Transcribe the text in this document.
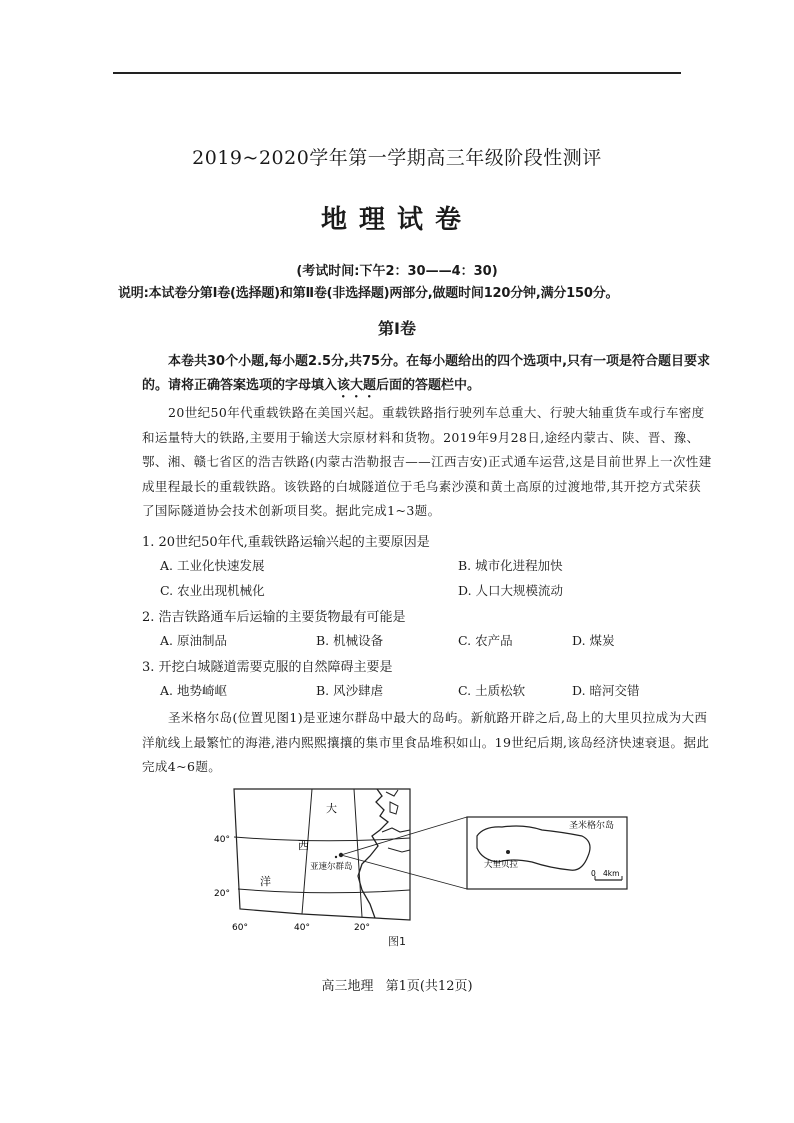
2019~2020学年第一学期高三年级阶段性测评
地理试卷
(考试时间:下午2：30——4：30)
说明:本试卷分第Ⅰ卷(选择题)和第Ⅱ卷(非选择题)两部分,做题时间120分钟,满分150分。
第Ⅰ卷
本卷共30个小题,每小题2.5分,共75分。在每小题给出的四个选项中,只有一项是符合题目要求的。请将正确答案选项的字母填入该大题后面的答题栏中。
20世纪50年代重载铁路在美国兴起。重载铁路指行驶列车总重大、行驶大轴重货车或行车密度和运量特大的铁路,主要用于输送大宗原材料和货物。2019年9月28日,途经内蒙古、陕、晋、豫、鄂、湘、赣七省区的浩吉铁路(内蒙古浩勒报吉——江西吉安)正式通车运营,这是目前世界上一次性建成里程最长的重载铁路。该铁路的白城隧道位于毛乌素沙漠和黄土高原的过渡地带,其开挖方式荣获了国际隧道协会技术创新项目奖。据此完成1~3题。
1. 20世纪50年代,重载铁路运输兴起的主要原因是
A. 工业化快速发展	B. 城市化进程加快
C. 农业出现机械化	D. 人口大规模流动
2. 浩吉铁路通车后运输的主要货物最有可能是
A. 原油制品	B. 机械设备	C. 农产品	D. 煤炭
3. 开挖白城隧道需要克服的自然障碍主要是
A. 地势崎岖	B. 风沙肆虐	C. 土质松软	D. 暗河交错
圣米格尔岛(位置见图1)是亚速尔群岛中最大的岛屿。新航路开辟之后,岛上的大里贝拉成为大西洋航线上最繁忙的海港,港内熙熙攘攘的集市里食品堆积如山。19世纪后期,该岛经济快速衰退。据此完成4~6题。
大
西
洋
亚速尔群岛
40°
20°
60°	40°	20°
圣米格尔岛
大里贝拉
0 4km
图1
高三地理 第1页(共12页)
